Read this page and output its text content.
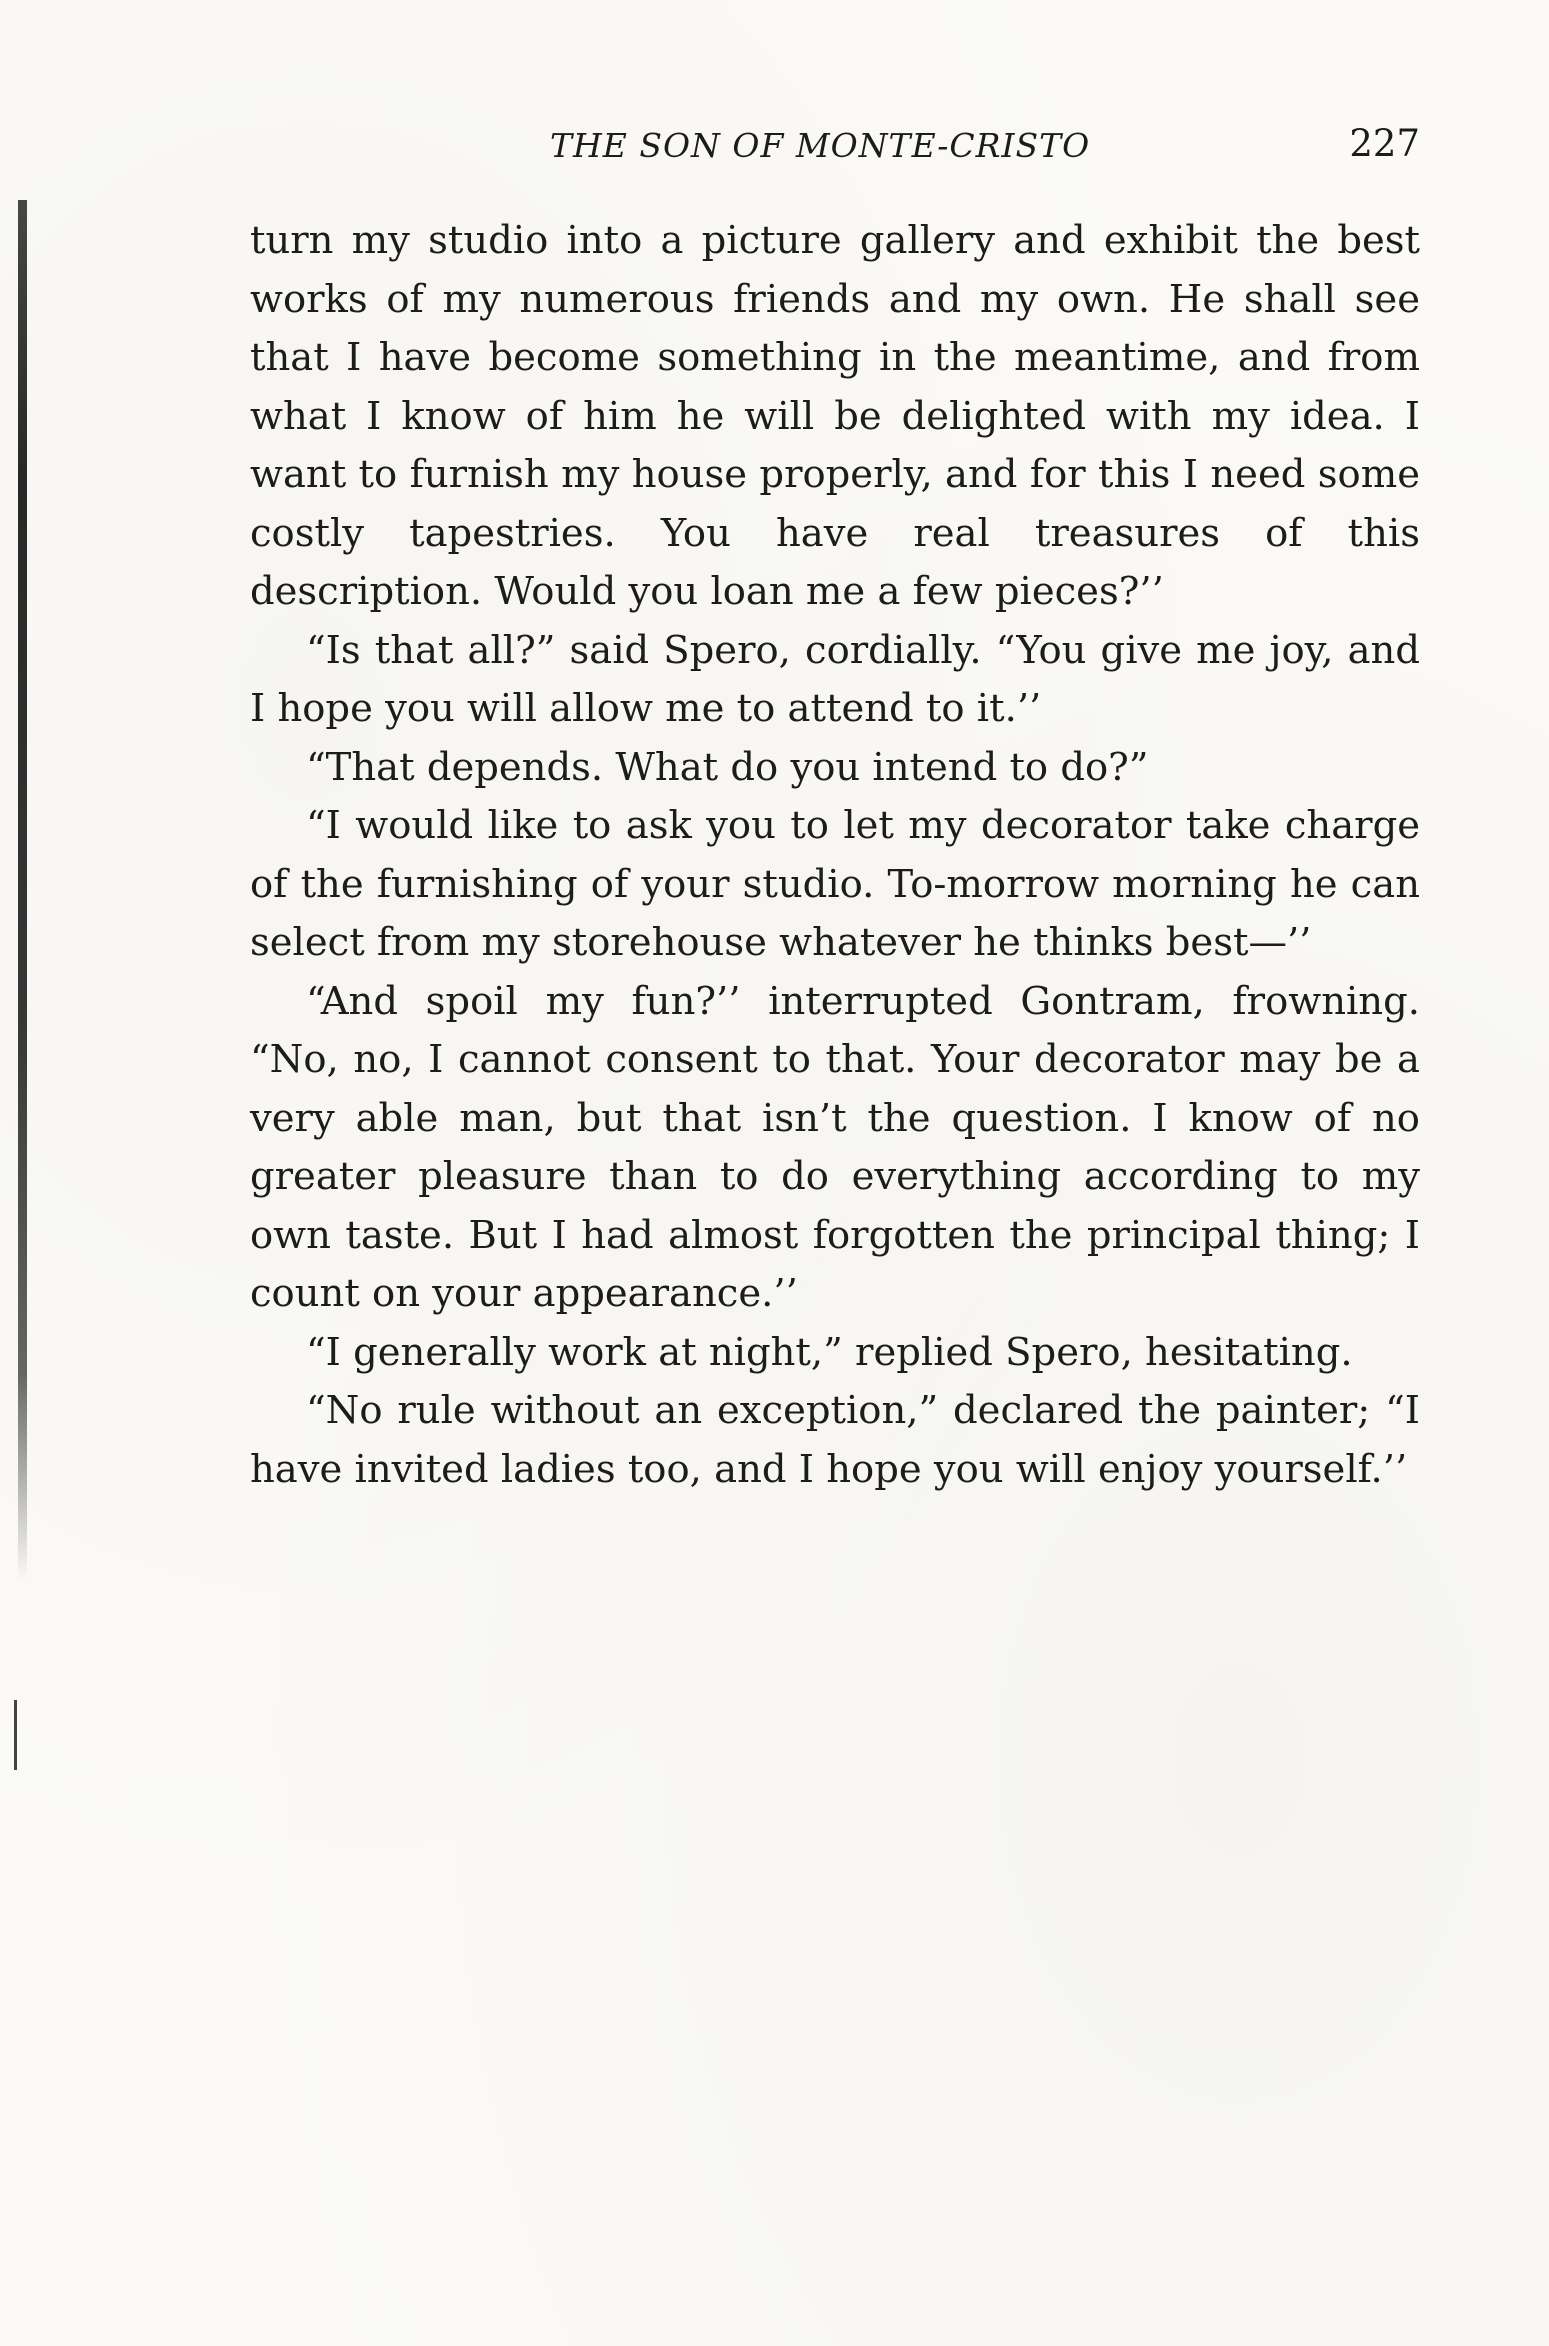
THE SON OF MONTE-CRISTO	227

turn my studio into a picture gallery and exhibit the best works of my numerous friends and my own. He shall see that I have become something in the meantime, and from what I know of him he will be delighted with my idea. I want to furnish my house properly, and for this I need some costly tapestries. You have real treasures of this description. Would you loan me a few pieces?’’

“Is that all?” said Spero, cordially. “You give me joy, and I hope you will allow me to attend to it.’’

“That depends. What do you intend to do?”

“I would like to ask you to let my decorator take charge of the furnishing of your studio. To-morrow morning he can select from my storehouse whatever he thinks best—’’

“And spoil my fun?’’ interrupted Gontram, frowning. “No, no, I cannot consent to that. Your decorator may be a very able man, but that isn’t the question. I know of no greater pleasure than to do everything according to my own taste. But I had almost forgotten the principal thing; I count on your appearance.’’

“I generally work at night,” replied Spero, hesitating.

“No rule without an exception,” declared the painter; “I have invited ladies too, and I hope you will enjoy yourself.’’
